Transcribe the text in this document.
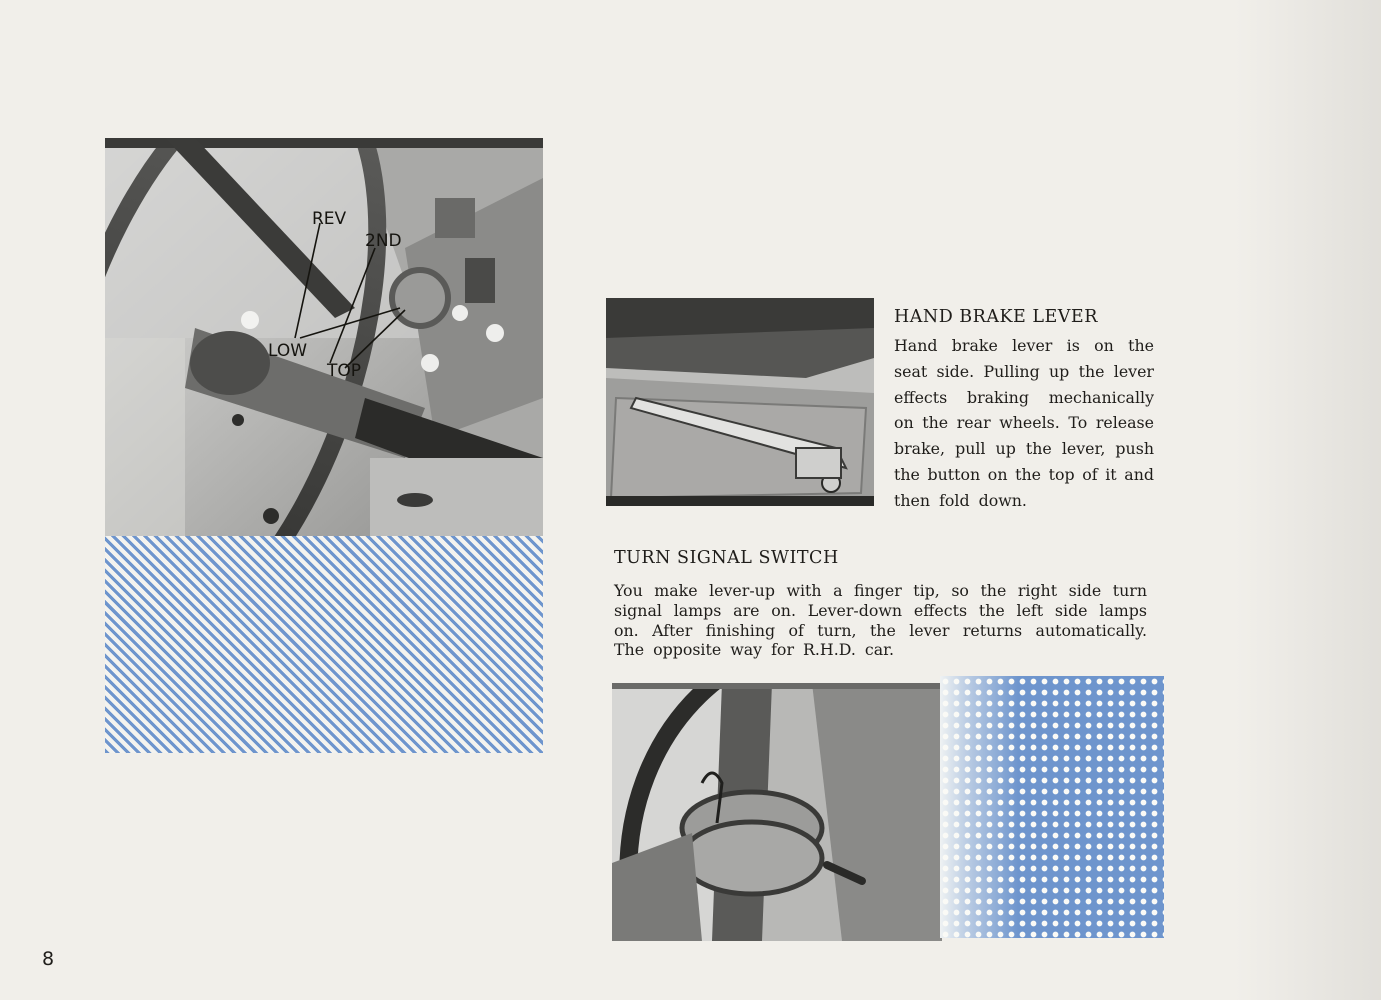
REV
2ND
LOW
TOP
HAND BRAKE LEVER

Hand brake lever is on the
seat side. Pulling up the lever
effects braking mechanically
on the rear wheels. To release
brake, pull up the lever, push
the button on the top of it and
then fold down.

TURN SIGNAL SWITCH

You make lever-up with a finger tip, so the right side turn
signal lamps are on. Lever-down effects the left side lamps
on. After finishing of turn, the lever returns automatically.
The opposite way for R.H.D. car.

8
